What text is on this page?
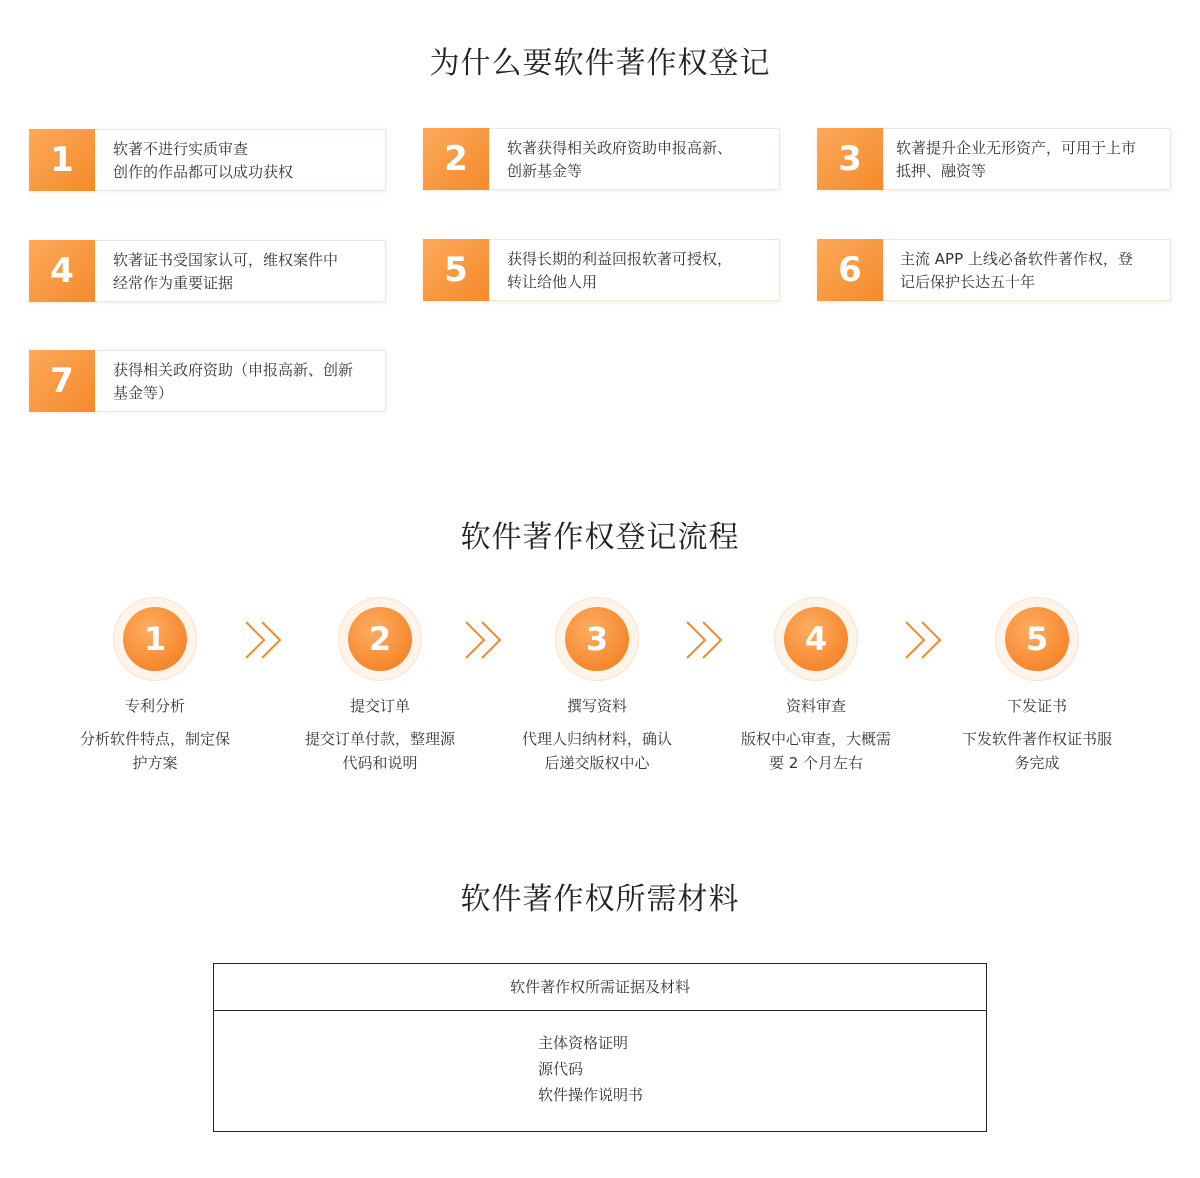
为什么要软件著作权登记
1	软著不进行实质审查
创作的作品都可以成功获权	2	软著获得相关政府资助申报高新、
创新基金等	3	软著提升企业无形资产，可用于上市
抵押、融资等
4	软著证书受国家认可，维权案件中
经常作为重要证据	5	获得长期的利益回报软著可授权，
转让给他人用	6	主流 APP 上线必备软件著作权，登
记后保护长达五十年
7	获得相关政府资助（申报高新、创新
基金等）
软件著作权登记流程
1
专利分析
分析软件特点，制定保
护方案
2
提交订单
提交订单付款，整理源
代码和说明
3
撰写资料
代理人归纳材料，确认
后递交版权中心
4
资料审查
版权中心审查，大概需
要 2 个月左右
5
下发证书
下发软件著作权证书服
务完成
软件著作权所需材料
软件著作权所需证据及材料
主体资格证明
源代码
软件操作说明书
